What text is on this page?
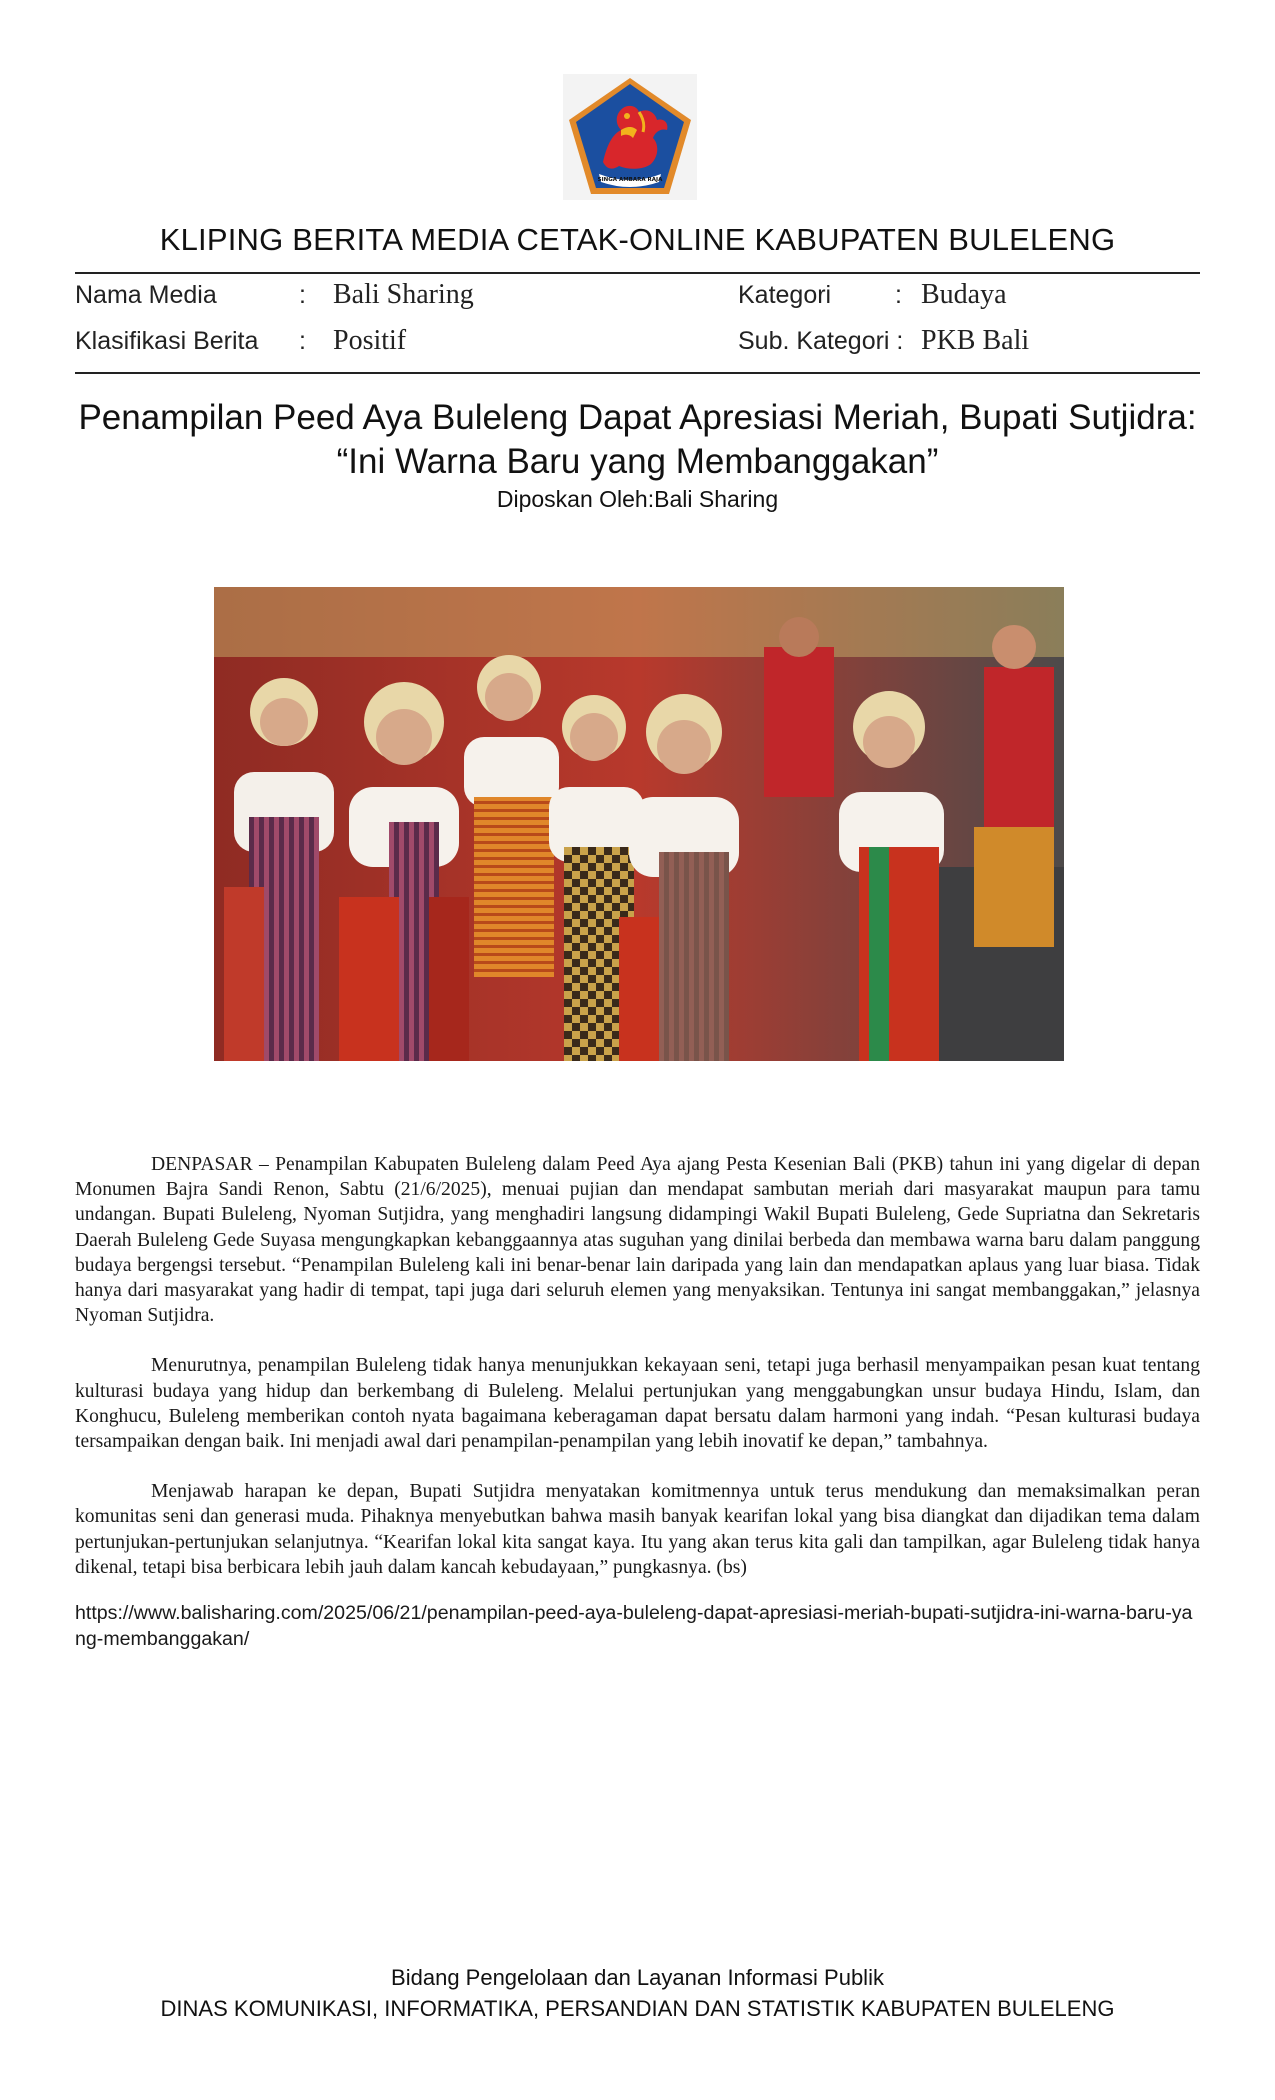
SINGA AMBARA RAJA
KLIPING BERITA MEDIA CETAK-ONLINE KABUPATEN BULELENG
Nama Media	: Bali Sharing	Kategori	: Budaya
Klasifikasi Berita : Positif	Sub. Kategori : PKB Bali
Penampilan Peed Aya Buleleng Dapat Apresiasi Meriah, Bupati Sutjidra:
“Ini Warna Baru yang Membanggakan”
Diposkan Oleh:Bali Sharing

DENPASAR – Penampilan Kabupaten Buleleng dalam Peed Aya ajang Pesta Kesenian Bali (PKB) tahun ini yang digelar di depan Monumen Bajra Sandi Renon, Sabtu (21/6/2025), menuai pujian dan mendapat sambutan meriah dari masyarakat maupun para tamu undangan. Bupati Buleleng, Nyoman Sutjidra, yang menghadiri langsung didampingi Wakil Bupati Buleleng, Gede Supriatna dan Sekretaris Daerah Buleleng Gede Suyasa mengungkapkan kebanggaannya atas suguhan yang dinilai berbeda dan membawa warna baru dalam panggung budaya bergengsi tersebut. “Penampilan Buleleng kali ini benar-benar lain daripada yang lain dan mendapatkan aplaus yang luar biasa. Tidak hanya dari masyarakat yang hadir di tempat, tapi juga dari seluruh elemen yang menyaksikan. Tentunya ini sangat membanggakan,” jelasnya Nyoman Sutjidra.

Menurutnya, penampilan Buleleng tidak hanya menunjukkan kekayaan seni, tetapi juga berhasil menyampaikan pesan kuat tentang kulturasi budaya yang hidup dan berkembang di Buleleng. Melalui pertunjukan yang menggabungkan unsur budaya Hindu, Islam, dan Konghucu, Buleleng memberikan contoh nyata bagaimana keberagaman dapat bersatu dalam harmoni yang indah. “Pesan kulturasi budaya tersampaikan dengan baik. Ini menjadi awal dari penampilan-penampilan yang lebih inovatif ke depan,” tambahnya.

Menjawab harapan ke depan, Bupati Sutjidra menyatakan komitmennya untuk terus mendukung dan memaksimalkan peran komunitas seni dan generasi muda. Pihaknya menyebutkan bahwa masih banyak kearifan lokal yang bisa diangkat dan dijadikan tema dalam pertunjukan-pertunjukan selanjutnya. “Kearifan lokal kita sangat kaya. Itu yang akan terus kita gali dan tampilkan, agar Buleleng tidak hanya dikenal, tetapi bisa berbicara lebih jauh dalam kancah kebudayaan,” pungkasnya. (bs)

https://www.balisharing.com/2025/06/21/penampilan-peed-aya-buleleng-dapat-apresiasi-meriah-bupati-sutjidra-ini-warna-baru-yang-membanggakan/
Bidang Pengelolaan dan Layanan Informasi Publik
DINAS KOMUNIKASI, INFORMATIKA, PERSANDIAN DAN STATISTIK KABUPATEN BULELENG
